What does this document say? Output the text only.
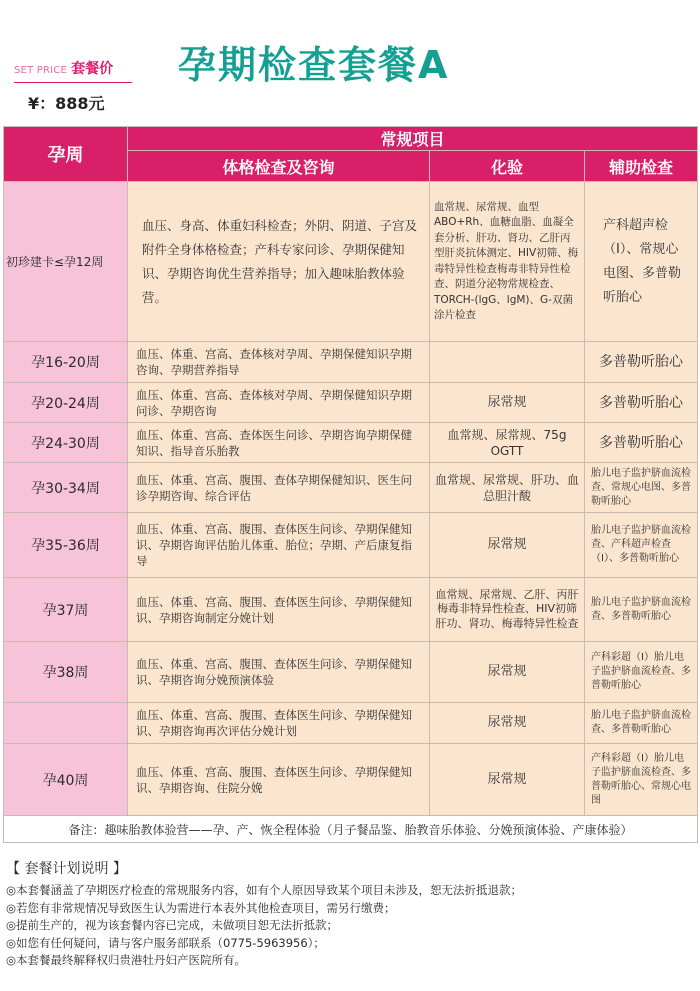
SET PRICE 套餐价
¥：888元
孕期检查套餐A
孕周	常规项目		
	体格检查及咨询	化验	辅助检查
初珍建卡≤孕12周	血压、身高、体重妇科检查；外阴、阴道、子宫及附件全身体格检查；产科专家问诊、孕期保健知识、孕期咨询优生营养指导；加入趣味胎教体验营。	血常规、尿常规、血型ABO+Rh、血糖血脂、血凝全套分析、肝功、肾功、乙肝丙型肝炎抗体测定、HIV初筛、梅毒特异性检查梅毒非特异性检查、阴道分泌物常规检查、TORCH-(lgG、lgM)、G-双菌涂片检查	产科超声检（Ⅰ）、常规心电图、多普勒听胎心
孕16-20周	血压、体重、宫高、查体核对孕周、孕期保健知识孕期咨询、孕期营养指导		多普勒听胎心
孕20-24周	血压、体重、宫高、查体核对孕周、孕期保健知识孕期问诊、孕期咨询	尿常规	多普勒听胎心
孕24-30周	血压、体重、宫高、查体医生问诊、孕期咨询孕期保健知识、指导音乐胎教	血常规、尿常规、75g OGTT	多普勒听胎心
孕30-34周	血压、体重、宫高、腹围、查体孕期保健知识、医生问诊孕期咨询、综合评估	血常规、尿常规、肝功、血总胆汁酸	胎儿电子监护脐血流检查、常规心电图、多普勒听胎心
孕35-36周	血压、体重、宫高、腹围、查体医生问诊、孕期保健知识、孕期咨询评估胎儿体重、胎位；孕期、产后康复指导	尿常规	胎儿电子监护脐血流检查、产科超声检查（Ⅰ）、多普勒听胎心
孕37周	血压、体重、宫高、腹围、查体医生问诊、孕期保健知识、孕期咨询制定分娩计划	血常规、尿常规、乙肝、丙肝梅毒非特异性检查、HIV初筛肝功、肾功、梅毒特异性检查	胎儿电子监护脐血流检查、多普勒听胎心
孕38周	血压、体重、宫高、腹围、查体医生问诊、孕期保健知识、孕期咨询分娩预演体验	尿常规	产科彩超（Ⅰ）胎儿电子监护脐血流检查、多普勒听胎心
	血压、体重、宫高、腹围、查体医生问诊、孕期保健知识、孕期咨询再次评估分娩计划	尿常规	胎儿电子监护脐血流检查、多普勒听胎心
孕40周	血压、体重、宫高、腹围、查体医生问诊、孕期保健知识、孕期咨询、住院分娩	尿常规	产科彩超（Ⅰ）胎儿电子监护脐血流检查、多普勒听胎心、常规心电图
备注：趣味胎教体验营——孕、产、恢全程体验（月子餐品鉴、胎教音乐体验、分娩预演体验、产康体验）			
【 套餐计划说明 】
◎本套餐涵盖了孕期医疗检查的常规服务内容，如有个人原因导致某个项目未涉及，恕无法折抵退款；
◎若您有非常规情况导致医生认为需进行本表外其他检查项目，需另行缴费；
◎提前生产的，视为该套餐内容已完成，未做项目恕无法折抵款；
◎如您有任何疑问，请与客户服务部联系（0775-5963956）；
◎本套餐最终解释权归贵港牡丹妇产医院所有。
